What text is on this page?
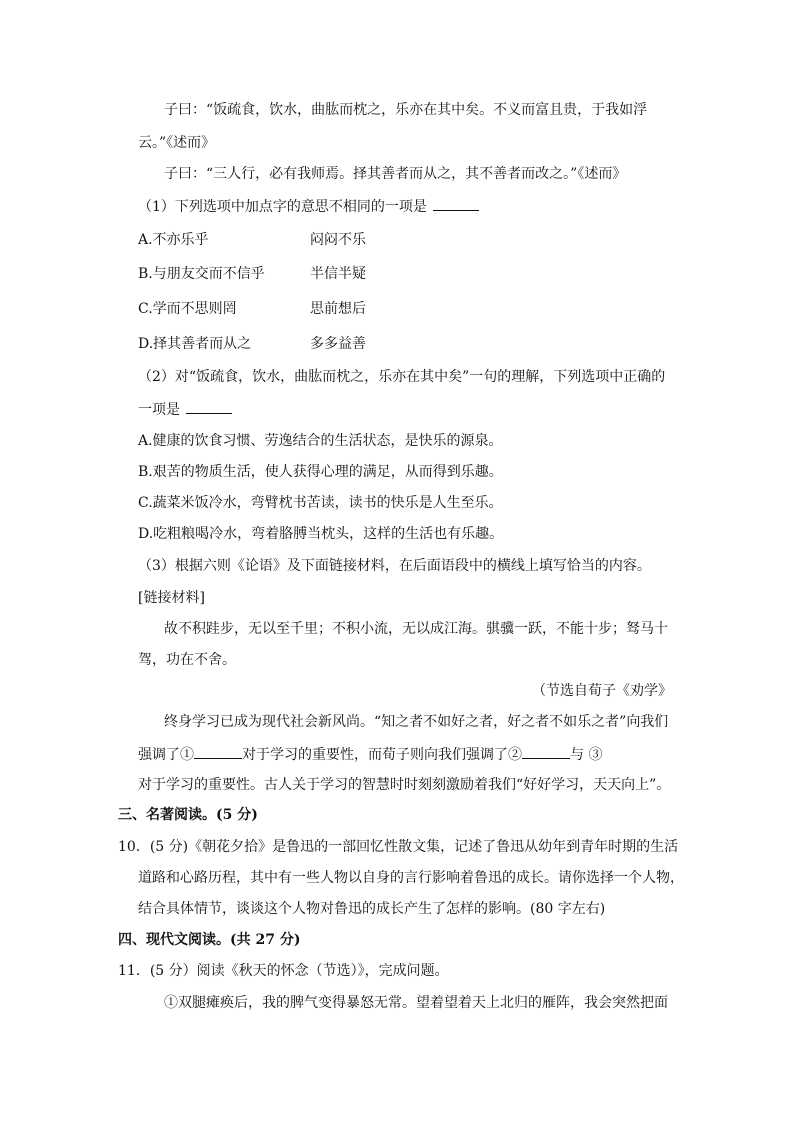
子曰：“饭疏食，饮水，曲肱而枕之，乐亦在其中矣。不义而富且贵，于我如浮
云。”《述而》
子曰：“三人行，必有我师焉。择其善者而从之，其不善者而改之。”《述而》
（1）下列选项中加点字的意思不相同的一项是
A.不亦乐乎	闷闷不乐
B.与朋友交而不信乎	半信半疑
C.学而不思则罔	思前想后
D.择其善者而从之	多多益善
（2）对“饭疏食，饮水，曲肱而枕之，乐亦在其中矣”一句的理解，下列选项中正确的
一项是
A.健康的饮食习惯、劳逸结合的生活状态，是快乐的源泉。
B.艰苦的物质生活，使人获得心理的满足，从而得到乐趣。
C.蔬菜米饭冷水，弯臂枕书苦读，读书的快乐是人生至乐。
D.吃粗粮喝冷水，弯着胳膊当枕头，这样的生活也有乐趣。
（3）根据六则《论语》及下面链接材料，在后面语段中的横线上填写恰当的内容。
[链接材料]
故不积跬步，无以至千里；不积小流，无以成江海。骐骥一跃，不能十步；驽马十
驾，功在不舍。
（节选自荀子《劝学》
终身学习已成为现代社会新风尚。“知之者不如好之者，好之者不如乐之者”向我们
强调了①	对于学习的重要性，而荀子则向我们强调了②	与 ③
对于学习的重要性。古人关于学习的智慧时时刻刻激励着我们“好好学习，天天向上”。
三、名著阅读。(5 分)
10．(5 分)《朝花夕拾》是鲁迅的一部回忆性散文集，记述了鲁迅从幼年到青年时期的生活
道路和心路历程，其中有一些人物以自身的言行影响着鲁迅的成长。请你选择一个人物，
结合具体情节，谈谈这个人物对鲁迅的成长产生了怎样的影响。(80 字左右)
四、现代文阅读。(共 27 分)
11．(5 分）阅读《秋天的怀念（节选）》，完成问题。
①双腿瘫痪后，我的脾气变得暴怒无常。望着望着天上北归的雁阵，我会突然把面
